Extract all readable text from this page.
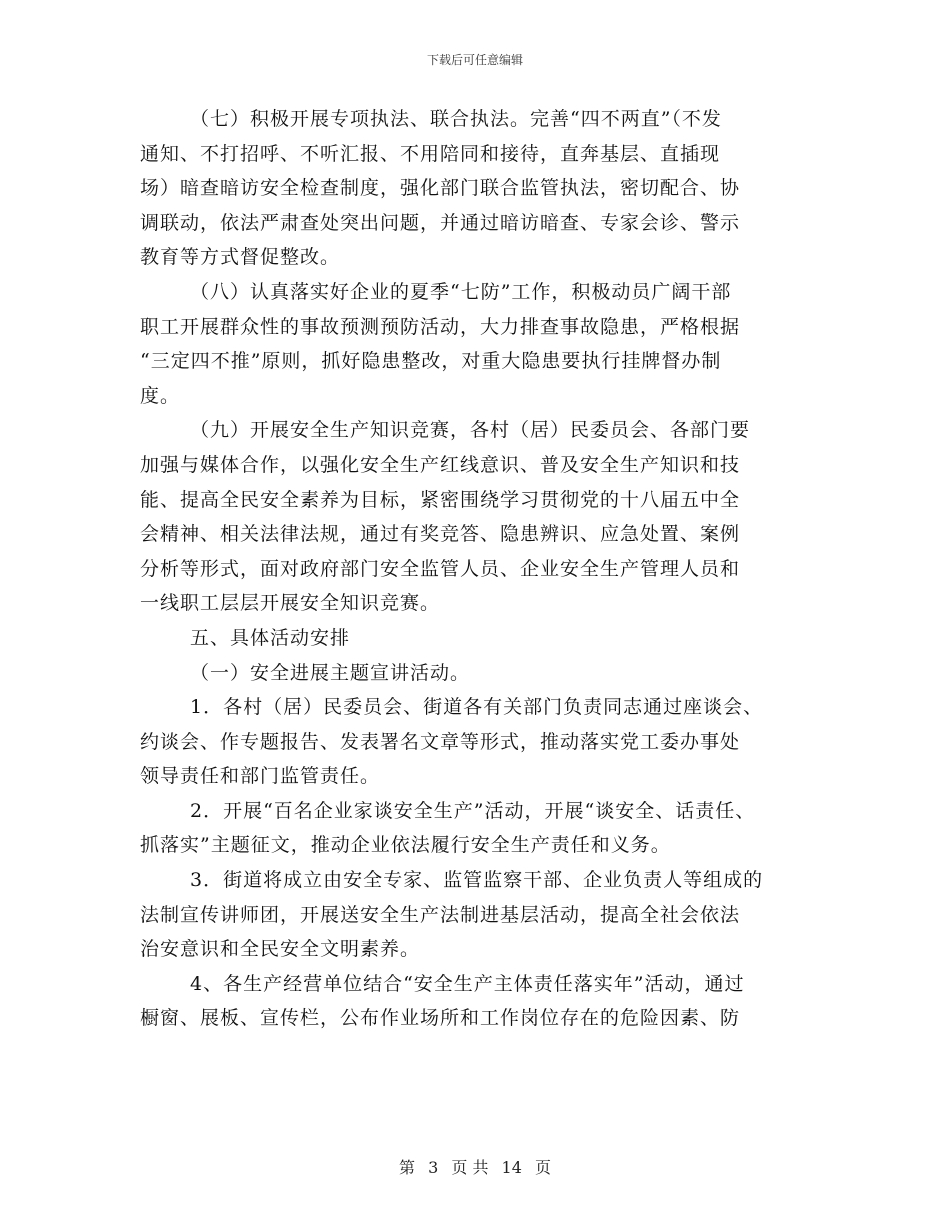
下载后可任意编辑
（七）积极开展专项执法、联合执法。完善“四不两直”（不发
通知、不打招呼、不听汇报、不用陪同和接待，直奔基层、直插现
场）暗查暗访安全检查制度，强化部门联合监管执法，密切配合、协
调联动，依法严肃查处突出问题，并通过暗访暗查、专家会诊、警示
教育等方式督促整改。
（八）认真落实好企业的夏季“七防”工作，积极动员广阔干部
职工开展群众性的事故预测预防活动，大力排查事故隐患，严格根据
“三定四不推”原则，抓好隐患整改，对重大隐患要执行挂牌督办制
度。
（九）开展安全生产知识竞赛，各村（居）民委员会、各部门要
加强与媒体合作，以强化安全生产红线意识、普及安全生产知识和技
能、提高全民安全素养为目标，紧密围绕学习贯彻党的十八届五中全
会精神、相关法律法规，通过有奖竞答、隐患辨识、应急处置、案例
分析等形式，面对政府部门安全监管人员、企业安全生产管理人员和
一线职工层层开展安全知识竞赛。
五、具体活动安排
（一）安全进展主题宣讲活动。
1．各村（居）民委员会、街道各有关部门负责同志通过座谈会、
约谈会、作专题报告、发表署名文章等形式，推动落实党工委办事处
领导责任和部门监管责任。
2．开展“百名企业家谈安全生产”活动，开展“谈安全、话责任、
抓落实”主题征文，推动企业依法履行安全生产责任和义务。
3．街道将成立由安全专家、监管监察干部、企业负责人等组成的
法制宣传讲师团，开展送安全生产法制进基层活动，提高全社会依法
治安意识和全民安全文明素养。
4、各生产经营单位结合“安全生产主体责任落实年”活动，通过
橱窗、展板、宣传栏，公布作业场所和工作岗位存在的危险因素、防
第 3 页 共 14 页
